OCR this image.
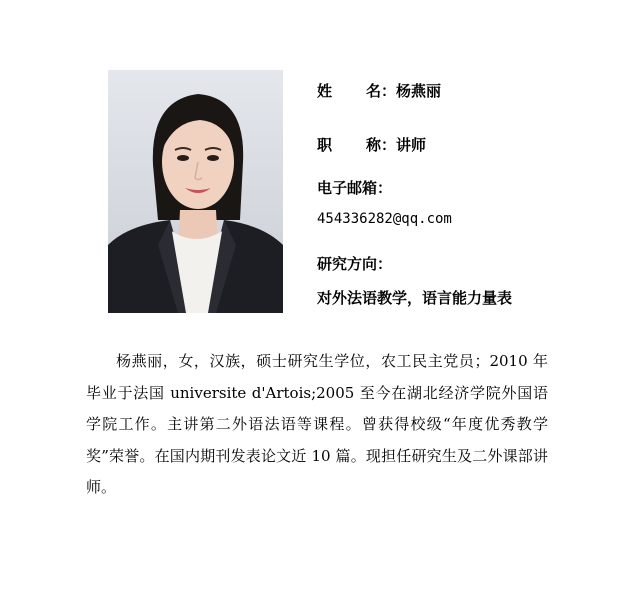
姓 名：杨燕丽
职 称：讲师
电子邮箱：
454336282@qq.com
研究方向：
对外法语教学，语言能力量表

杨燕丽，女，汉族，硕士研究生学位，农工民主党员；2010 年毕业于法国 universite d'Artois;2005 至今在湖北经济学院外国语学院工作。主讲第二外语法语等课程。曾获得校级“年度优秀教学奖”荣誉。在国内期刊发表论文近 10 篇。现担任研究生及二外课部讲师。
